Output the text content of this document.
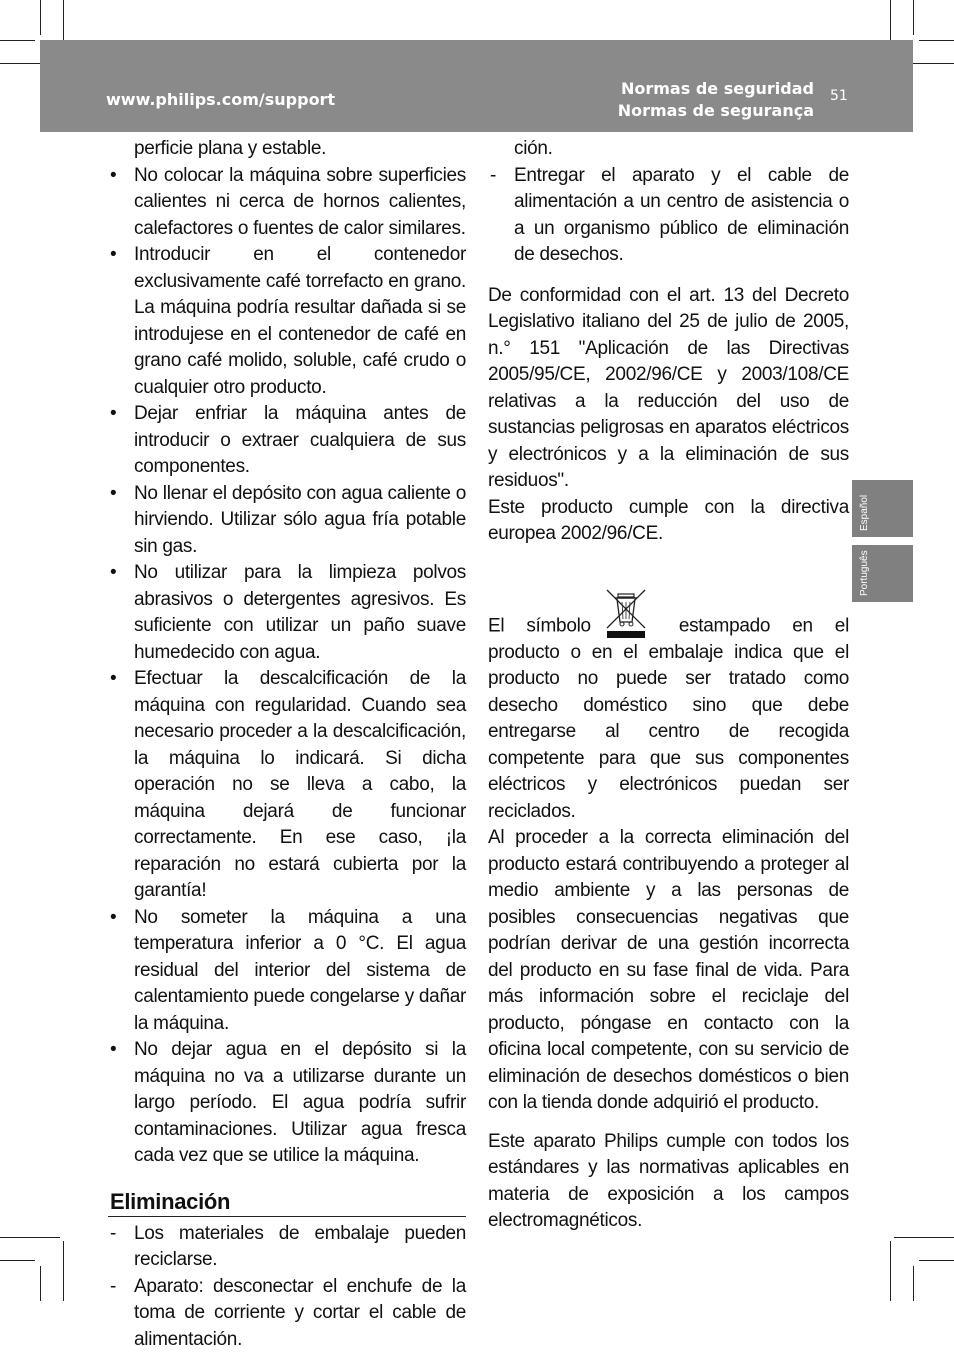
www.philips.com/support
Normas de seguridad
Normas de segurança
51
Español
Português

perficie plana y estable.

• No colocar la máquina sobre superficies calientes ni cerca de hornos calientes, calefactores o fuentes de calor similares.
• Introducir en el contenedor exclusivamente café torrefacto en grano. La máquina podría resultar dañada si se introdujese en el contenedor de café en grano café molido, soluble, café crudo o cualquier otro producto.
• Dejar enfriar la máquina antes de introducir o extraer cualquiera de sus componentes.
• No llenar el depósito con agua caliente o hirviendo. Utilizar sólo agua fría potable sin gas.
• No utilizar para la limpieza polvos abrasivos o detergentes agresivos. Es suficiente con utilizar un paño suave humedecido con agua.
• Efectuar la descalcificación de la máquina con regularidad. Cuando sea necesario proceder a la descalcificación, la máquina lo indicará. Si dicha operación no se lleva a cabo, la máquina dejará de funcionar correctamente. En ese caso, ¡la reparación no estará cubierta por la garantía!
• No someter la máquina a una temperatura inferior a 0 °C. El agua residual del interior del sistema de calentamiento puede congelarse y dañar la máquina.
• No dejar agua en el depósito si la máquina no va a utilizarse durante un largo período. El agua podría sufrir contaminaciones. Utilizar agua fresca cada vez que se utilice la máquina.
Eliminación
- Los materiales de embalaje pueden reciclarse.
- Aparato: desconectar el enchufe de la toma de corriente y cortar el cable de alimentación.

ción.

- Entregar el aparato y el cable de alimentación a un centro de asistencia o a un organismo público de eliminación de desechos.

De conformidad con el art. 13 del Decreto Legislativo italiano del 25 de julio de 2005, n.° 151 "Aplicación de las Directivas 2005/95/CE, 2002/96/CE y 2003/108/CE relativas a la reducción del uso de sustancias peligrosas en aparatos eléctricos y electrónicos y a la eliminación de sus residuos".

Este producto cumple con la directiva europea 2002/96/CE.

El símbolo	estampado en el producto o en el embalaje indica que el producto no puede ser tratado como desecho doméstico sino que debe entregarse al centro de recogida competente para que sus componentes eléctricos y electrónicos puedan ser reciclados.

Al proceder a la correcta eliminación del producto estará contribuyendo a proteger al medio ambiente y a las personas de posibles consecuencias negativas que podrían derivar de una gestión incorrecta del producto en su fase final de vida. Para más información sobre el reciclaje del producto, póngase en contacto con la oficina local competente, con su servicio de eliminación de desechos domésticos o bien con la tienda donde adquirió el producto.

Este aparato Philips cumple con todos los estándares y las normativas aplicables en materia de exposición a los campos electromagnéticos.
